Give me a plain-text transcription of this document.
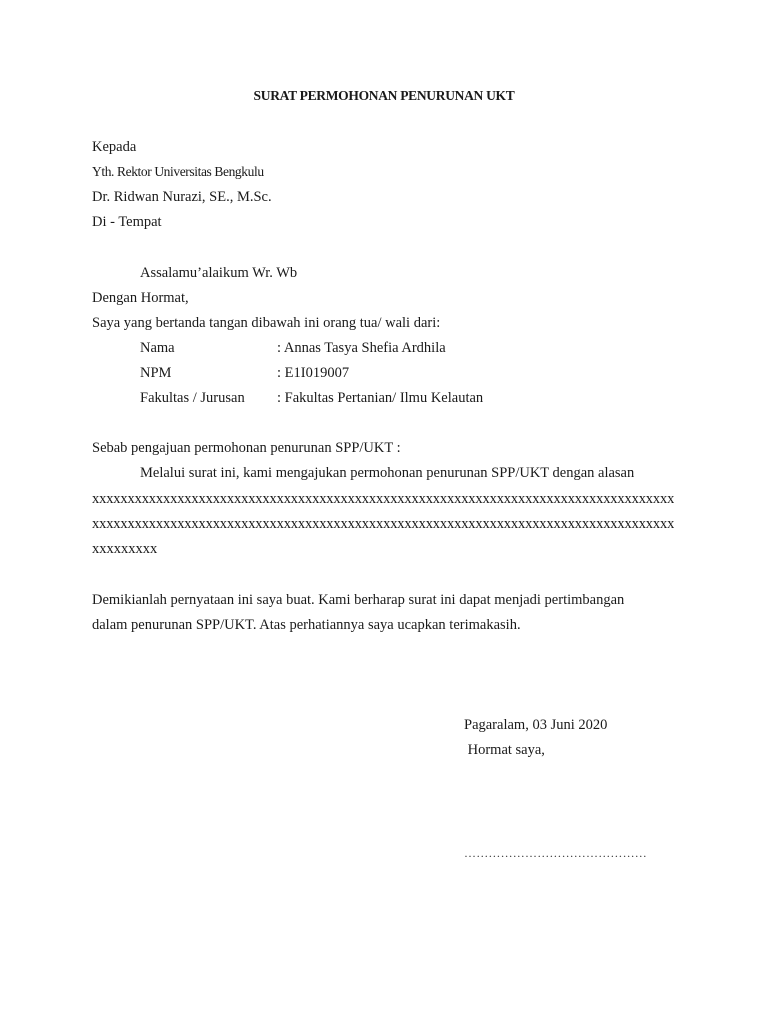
SURAT PERMOHONAN PENURUNAN UKT
Kepada
Yth. Rektor Universitas Bengkulu
Dr. Ridwan Nurazi, SE., M.Sc.
Di - Tempat
Assalamu’alaikum Wr. Wb
Dengan Hormat,
Saya yang bertanda tangan dibawah ini orang tua/ wali dari:
Nama	: Annas Tasya Shefia Ardhila
NPM	: E1I019007
Fakultas / Jurusan : Fakultas Pertanian/ Ilmu Kelautan
Sebab pengajuan permohonan penurunan SPP/UKT :
Melalui surat ini, kami mengajukan permohonan penurunan SPP/UKT dengan alasan
xxxxxxxxxxxxxxxxxxxxxxxxxxxxxxxxxxxxxxxxxxxxxxxxxxxxxxxxxxxxxxxxxxxxxxxxxxxxxxxxxx
xxxxxxxxxxxxxxxxxxxxxxxxxxxxxxxxxxxxxxxxxxxxxxxxxxxxxxxxxxxxxxxxxxxxxxxxxxxxxxxxxx
xxxxxxxxx
Demikianlah pernyataan ini saya buat. Kami berharap surat ini dapat menjadi pertimbangan
dalam penurunan SPP/UKT. Atas perhatiannya saya ucapkan terimakasih.
Pagaralam, 03 Juni 2020
Hormat saya,
………………………………………
